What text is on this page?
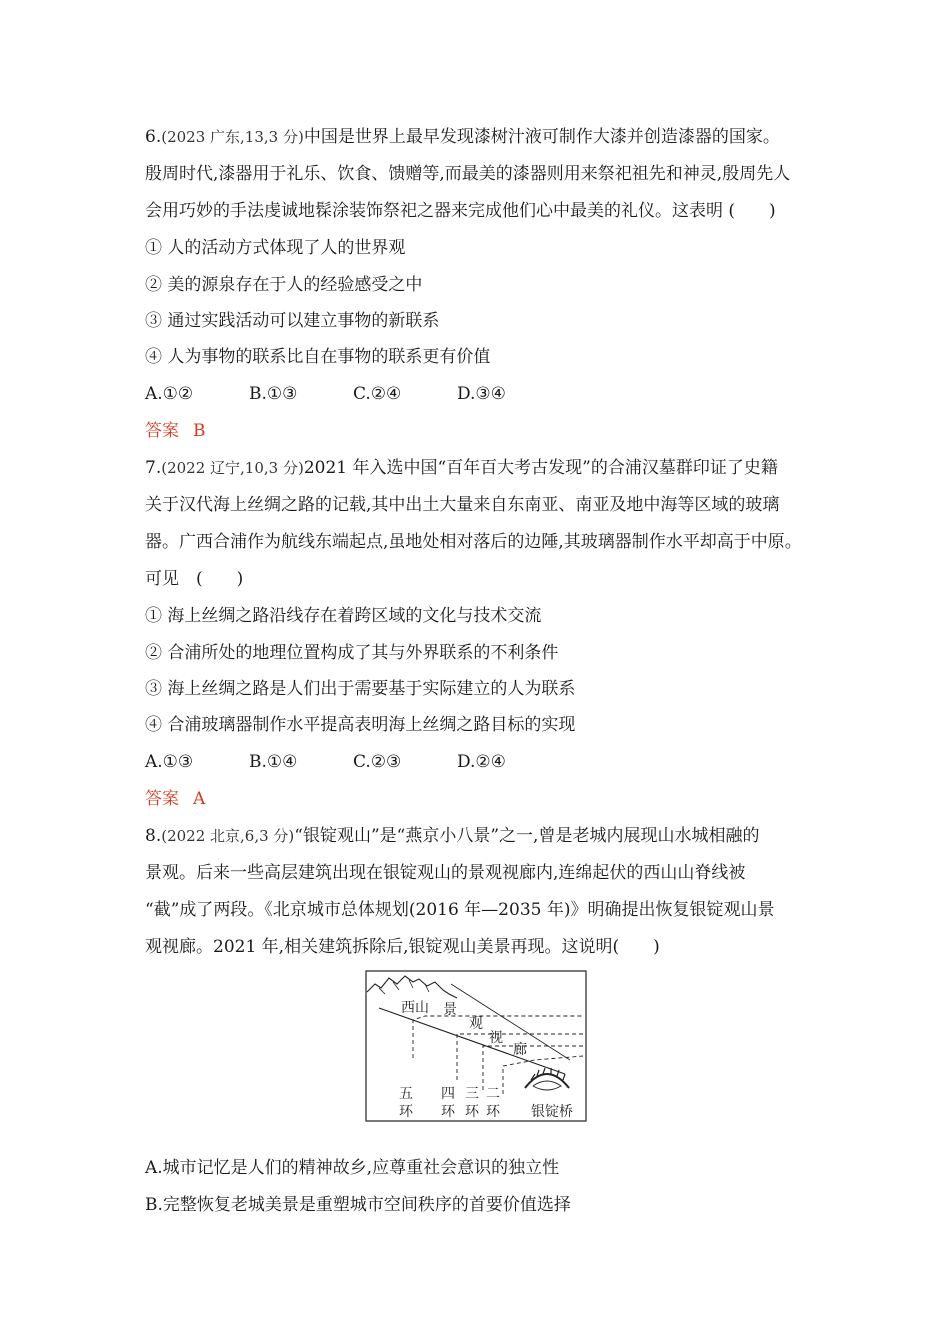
6.(2023 广东,13,3 分)中国是世界上最早发现漆树汁液可制作大漆并创造漆器的国家。
殷周时代,漆器用于礼乐、饮食、馈赠等,而最美的漆器则用来祭祀祖先和神灵,殷周先人
会用巧妙的手法虔诚地髹涂装饰祭祀之器来完成他们心中最美的礼仪。这表明 (　　)
① 人的活动方式体现了人的世界观
② 美的源泉存在于人的经验感受之中
③ 通过实践活动可以建立事物的新联系
④ 人为事物的联系比自在事物的联系更有价值
A.①②	B.①③	C.②④	D.③④
答案 B
7.(2022 辽宁,10,3 分)2021 年入选中国“百年百大考古发现”的合浦汉墓群印证了史籍
关于汉代海上丝绸之路的记载,其中出土大量来自东南亚、南亚及地中海等区域的玻璃
器。广西合浦作为航线东端起点,虽地处相对落后的边陲,其玻璃器制作水平却高于中原。
可见　(　　)
① 海上丝绸之路沿线存在着跨区域的文化与技术交流
② 合浦所处的地理位置构成了其与外界联系的不利条件
③ 海上丝绸之路是人们出于需要基于实际建立的人为联系
④ 合浦玻璃器制作水平提高表明海上丝绸之路目标的实现
A.①③	B.①④	C.②③	D.②④
答案 A
8.(2022 北京,6,3 分)“银锭观山”是“燕京小八景”之一,曾是老城内展现山水城相融的
景观。后来一些高层建筑出现在银锭观山的景观视廊内,连绵起伏的西山山脊线被
“截”成了两段。《北京城市总体规划(2016 年—2035 年)》明确提出恢复银锭观山景
观视廊。2021 年,相关建筑拆除后,银锭观山美景再现。这说明(　　)
西山 景
观
视
廊
五
环
四
环
三
环
二
环 银锭桥
A.城市记忆是人们的精神故乡,应尊重社会意识的独立性
B.完整恢复老城美景是重塑城市空间秩序的首要价值选择
